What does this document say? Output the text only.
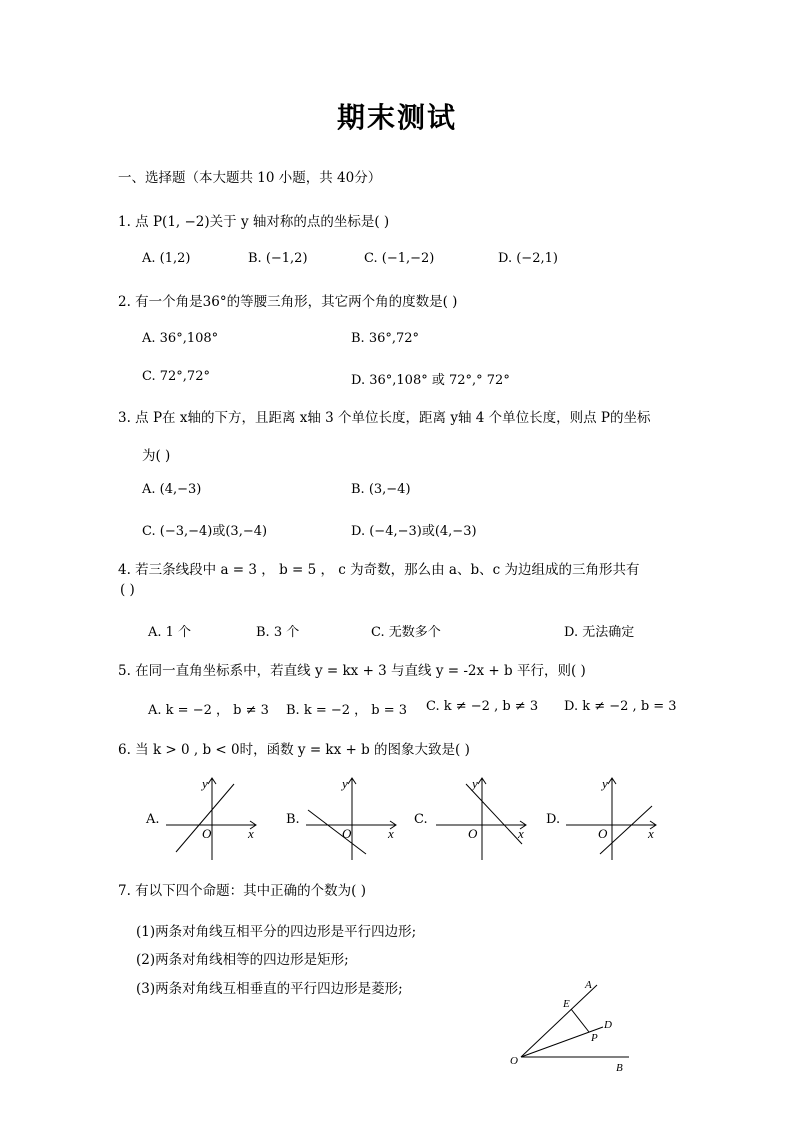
期末测试
一、选择题（本大题共 10 小题，共 40分）
1. 点 P(1, −2)关于 y 轴对称的点的坐标是( )
A. (1,2)	B. (−1,2)	C. (−1,−2)	D. (−2,1)
2. 有一个角是36°的等腰三角形，其它两个角的度数是( )
A. 36°,108°	B. 36°,72°
C. 72°,72°	D. 36°,108° 或 72°,° 72°
3. 点 P在 x轴的下方，且距离 x轴 3 个单位长度，距离 y轴 4 个单位长度，则点 P的坐标
为( )
A. (4,−3)	B. (3,−4)
C. (−3,−4)或(3,−4)	D. (−4,−3)或(4,−3)
4. 若三条线段中 a = 3 ， b = 5 ， c 为奇数，那么由 a、b、c 为边组成的三角形共有
( )
A. 1 个	B. 3 个	C. 无数多个	D. 无法确定
5. 在同一直角坐标系中，若直线 y = kx + 3 与直线 y = -2x + b 平行，则( )
A. k = −2 ， b ≠ 3 B. k = −2 ， b = 3 C. k ≠ −2 , b ≠ 3 D. k ≠ −2 , b = 3
6. 当 k > 0 , b < 0时，函数 y = kx + b 的图象大致是( )
A.
y
x
O
B.
y
x
O
C.
y
x
O
D.
y
x
O
7. 有以下四个命题：其中正确的个数为( )
(1)两条对角线互相平分的四边形是平行四边形;
(2)两条对角线相等的四边形是矩形;
(3)两条对角线互相垂直的平行四边形是菱形;	A
E
D
P
O
B
